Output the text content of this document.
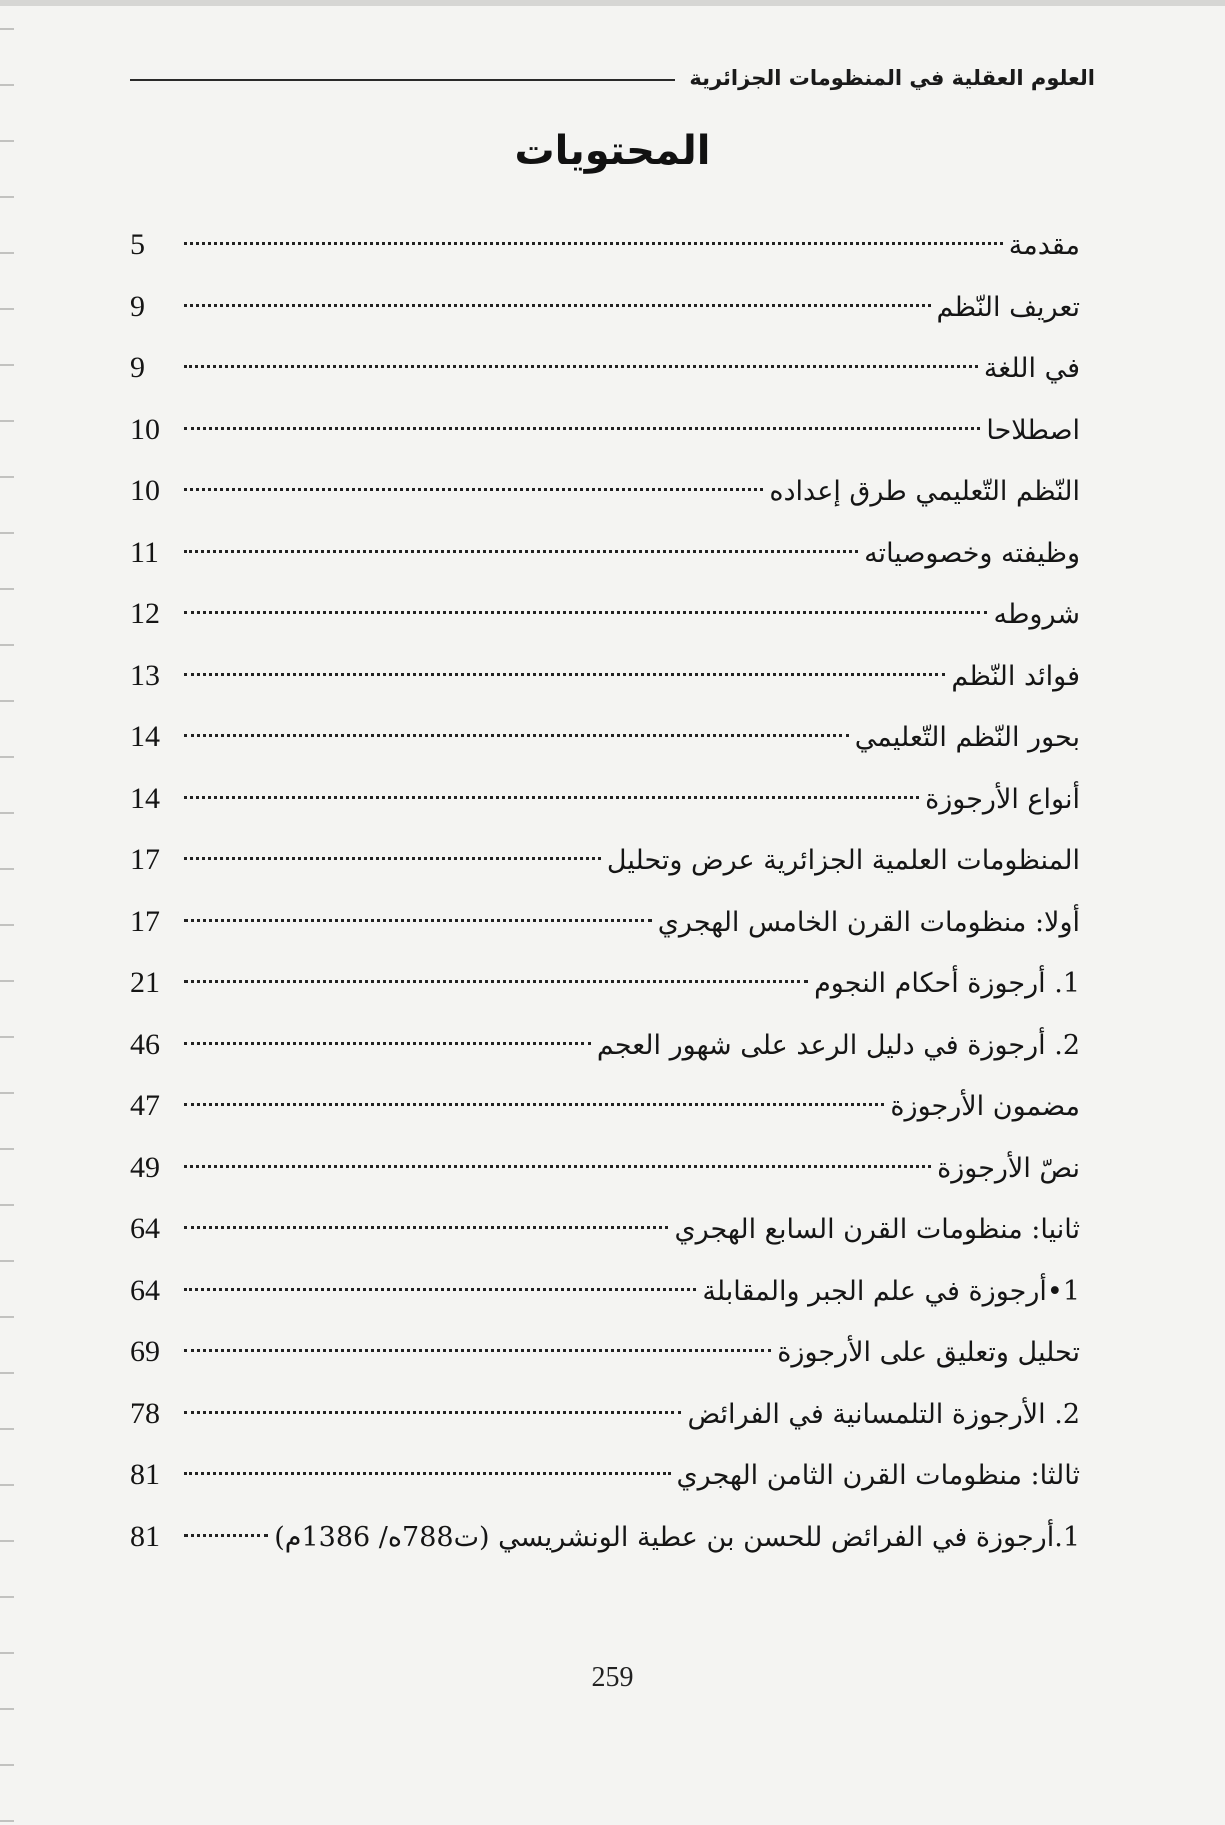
العلوم العقلية في المنظومات الجزائرية
المحتويات
مقدمة
5
تعريف النّظم
9
في اللغة
9
اصطلاحا
10
النّظم التّعليمي طرق إعداده
10
وظيفته وخصوصياته
11
شروطه
12
فوائد النّظم
13
بحور النّظم التّعليمي
14
أنواع الأرجوزة
14
المنظومات العلمية الجزائرية عرض وتحليل
17
أولا: منظومات القرن الخامس الهجري
17
1. أرجوزة أحكام النجوم
21
2. أرجوزة في دليل الرعد على شهور العجم
46
مضمون الأرجوزة
47
نصّ الأرجوزة
49
ثانيا: منظومات القرن السابع الهجري
64
1•أرجوزة في علم الجبر والمقابلة
64
تحليل وتعليق على الأرجوزة
69
2. الأرجوزة التلمسانية في الفرائض
78
ثالثا: منظومات القرن الثامن الهجري
81
1.أرجوزة في الفرائض للحسن بن عطية الونشريسي (ت788ه/ 1386م)
81
259
